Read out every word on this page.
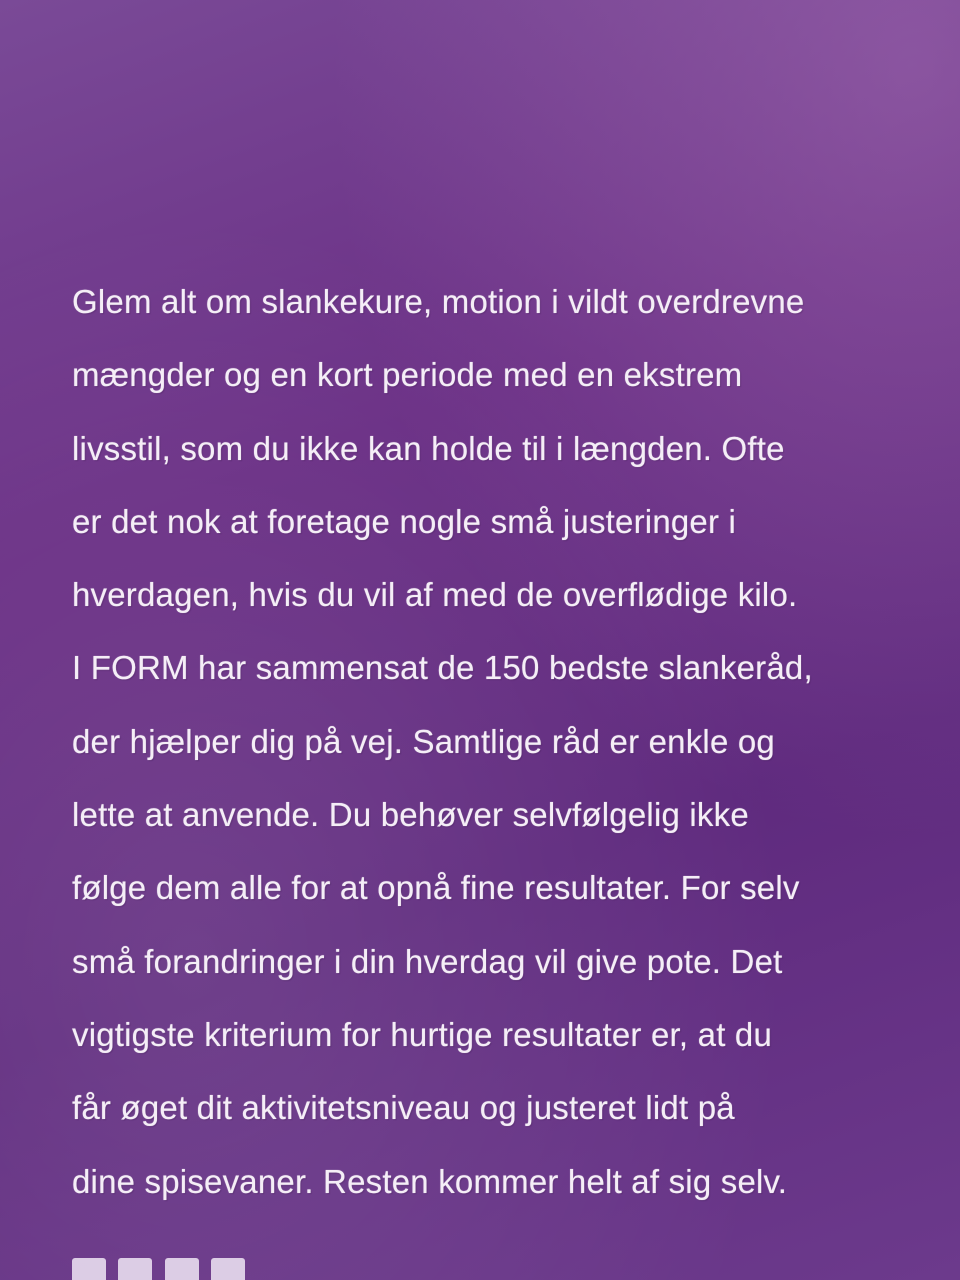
Glem alt om slankekure, motion i vildt overdrevne
mængder og en kort periode med en ekstrem
livsstil, som du ikke kan holde til i længden. Ofte
er det nok at foretage nogle små justeringer i
hverdagen, hvis du vil af med de overflødige kilo.
I FORM har sammensat de 150 bedste slankeråd,
der hjælper dig på vej. Samtlige råd er enkle og
lette at anvende. Du behøver selvfølgelig ikke
følge dem alle for at opnå fine resultater. For selv
små forandringer i din hverdag vil give pote. Det
vigtigste kriterium for hurtige resultater er, at du
får øget dit aktivitetsniveau og justeret lidt på
dine spisevaner. Resten kommer helt af sig selv.
